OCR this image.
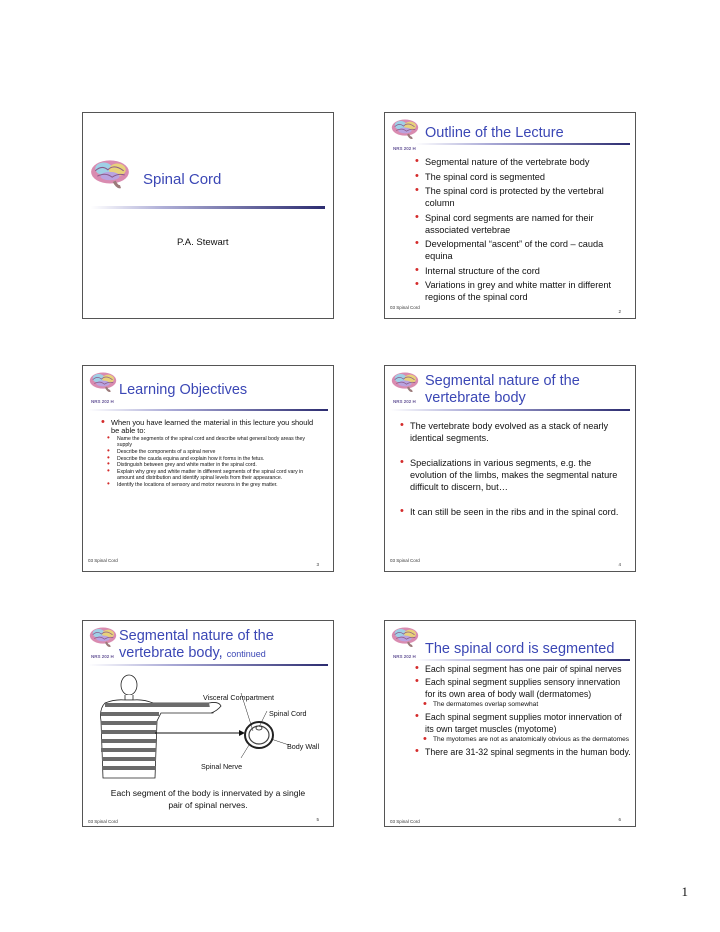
Spinal Cord
P.A. Stewart
NRS 202 H
Outline of the Lecture
• Segmental nature of the vertebrate body
• The spinal cord is segmented
• The spinal cord is protected by the vertebral column
• Spinal cord segments are named for their associated vertebrae
• Developmental “ascent” of the cord – cauda equina
• Internal structure of the cord
• Variations in grey and white matter in different regions of the spinal cord
03 Spinal Cord
2
NRS 202 H
Learning Objectives
• When you have learned the material in this lecture you should be able to:
• Name the segments of the spinal cord and describe what general body areas they supply
• Describe the components of a spinal nerve
• Describe the cauda equina and explain how it forms in the fetus.
• Distinguish between grey and white matter in the spinal cord.
• Explain why grey and white matter in different segments of the spinal cord vary in amount and distribution and identify spinal levels from their appearance.
• Identify the locations of sensory and motor neurons in the grey matter.
03 Spinal Cord
3
NRS 202 H
Segmental nature of the vertebrate body
• The vertebrate body evolved as a stack of nearly identical segments.
• Specializations in various segments, e.g. the evolution of the limbs, makes the segmental nature difficult to discern, but…
• It can still be seen in the ribs and in the spinal cord.
03 Spinal Cord
4
NRS 202 H
Segmental nature of the vertebrate body, continued
Visceral Compartment
Spinal Cord
Body Wall
Spinal Nerve
Each segment of the body is innervated by a single pair of spinal nerves.
03 Spinal Cord	5
NRS 202 H The spinal cord is segmented
• Each spinal segment has one pair of spinal nerves
• Each spinal segment supplies sensory innervation for its own area of body wall (dermatomes)
• The dermatomes overlap somewhat
• Each spinal segment supplies motor innervation of its own target muscles (myotome)
• The myotomes are not as anatomically obvious as the dermatomes
• There are 31-32 spinal segments in the human body.
03 Spinal Cord	6
1
